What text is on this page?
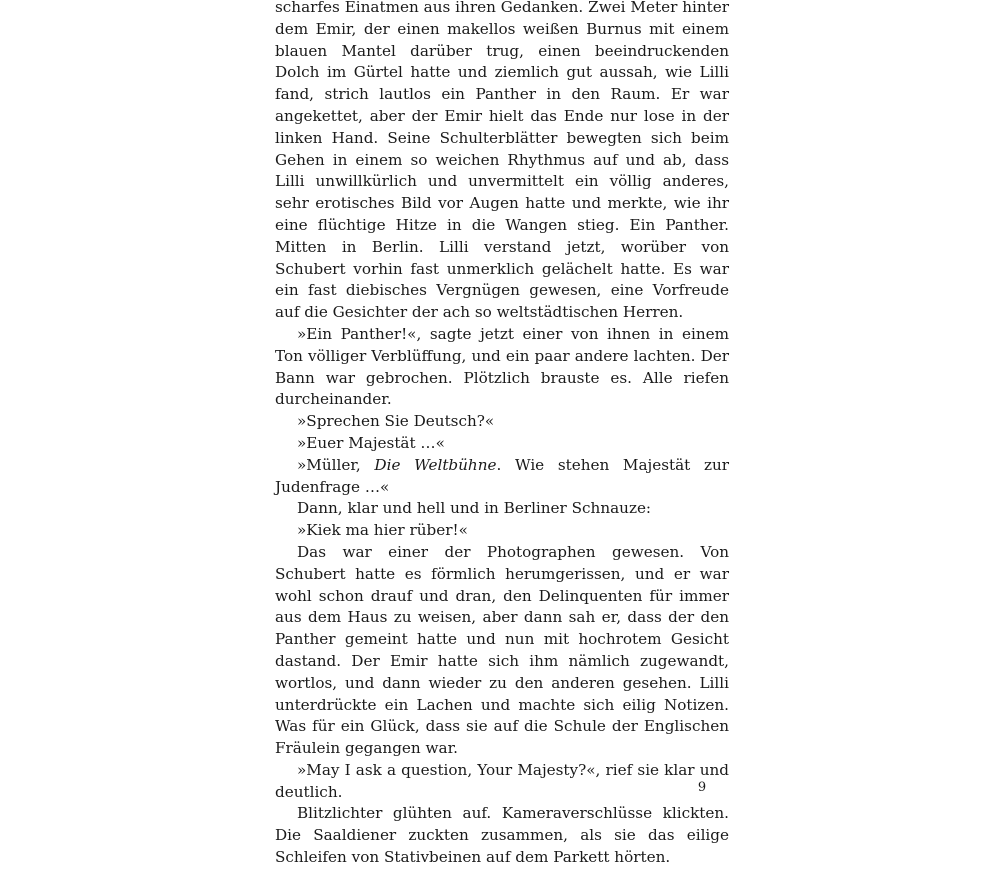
scharfes Einatmen aus ihren Gedanken. Zwei Meter hinter dem Emir, der einen makellos weißen Burnus mit einem blauen Mantel darüber trug, einen beeindruckenden Dolch im Gürtel hatte und ziemlich gut aussah, wie Lilli fand, strich lautlos ein Panther in den Raum. Er war angekettet, aber der Emir hielt das Ende nur lose in der linken Hand. Seine Schulterblätter bewegten sich beim Gehen in einem so weichen Rhythmus auf und ab, dass Lilli unwillkürlich und unvermittelt ein völlig anderes, sehr erotisches Bild vor Augen hatte und merkte, wie ihr eine flüchtige Hitze in die Wangen stieg. Ein Panther. Mitten in Berlin. Lilli verstand jetzt, worüber von Schubert vorhin fast unmerklich gelächelt hatte. Es war ein fast diebisches Vergnügen gewesen, eine Vorfreude auf die Gesichter der ach so weltstädtischen Herren.

»Ein Panther!«, sagte jetzt einer von ihnen in einem Ton völliger Verblüffung, und ein paar andere lachten. Der Bann war gebrochen. Plötzlich brauste es. Alle riefen durcheinander.

»Sprechen Sie Deutsch?«

»Euer Majestät …«

»Müller, Die Weltbühne. Wie stehen Majestät zur Judenfrage …«

Dann, klar und hell und in Berliner Schnauze:

»Kiek ma hier rüber!«

Das war einer der Photographen gewesen. Von Schubert hatte es förmlich herumgerissen, und er war wohl schon drauf und dran, den Delinquenten für immer aus dem Haus zu weisen, aber dann sah er, dass der den Panther gemeint hatte und nun mit hochrotem Gesicht dastand. Der Emir hatte sich ihm nämlich zugewandt, wortlos, und dann wieder zu den anderen gesehen. Lilli unterdrückte ein Lachen und machte sich eilig Notizen. Was für ein Glück, dass sie auf die Schule der Englischen Fräulein gegangen war.

»May I ask a question, Your Majesty?«, rief sie klar und deutlich.

Blitzlichter glühten auf. Kameraverschlüsse klickten. Die Saaldiener zuckten zusammen, als sie das eilige Schleifen von Stativbeinen auf dem Parkett hörten.

9
